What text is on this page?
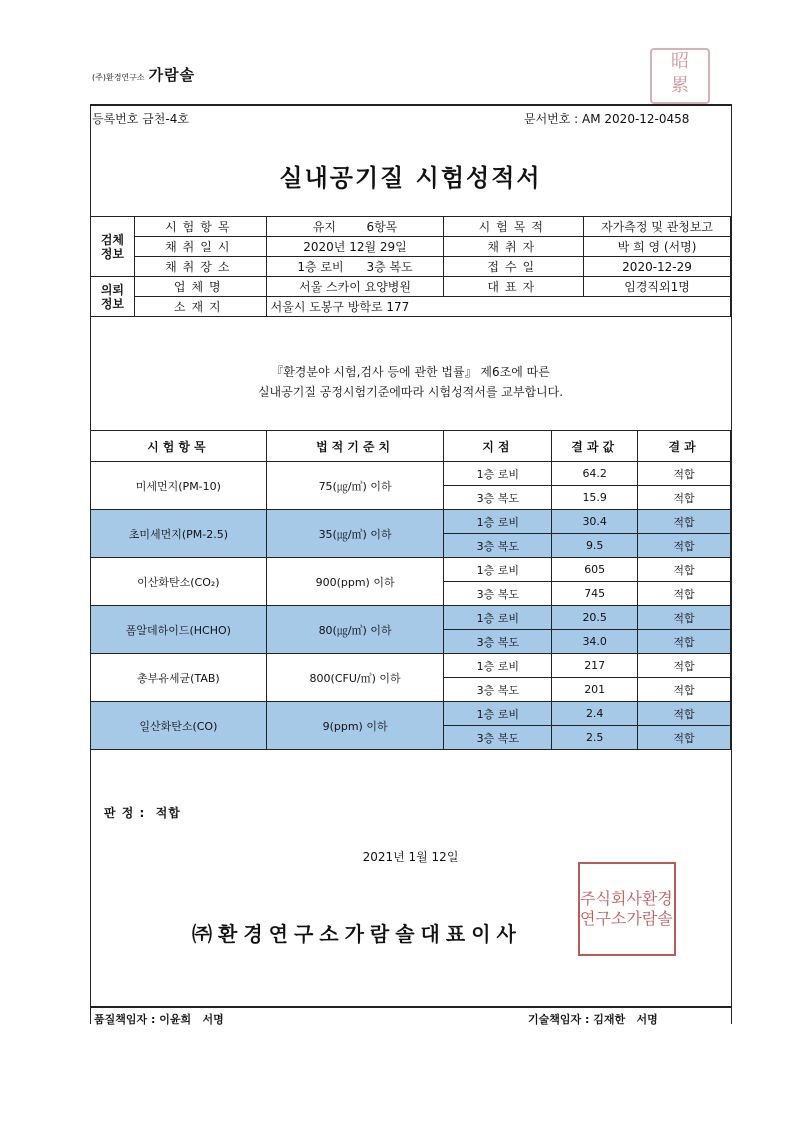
(주)환경연구소 가람솔
昭
累
등록번호 금천-4호	문서번호 : AM 2020-12-0458
실내공기질 시험성적서
검체
정보	시험항목	유지        6항목	시험목적	자가측정 및 관청보고
	채취일시	2020년 12월 29일	채취자	박 희 영 (서명)
	채취장소	1층 로비      3층 복도	접수일	2020-12-29
의뢰
정보	업체명	서울 스카이 요양병원	대표자	임경직외1명
	소재지	서울시 도봉구 방학로 177		
『환경분야 시험,검사 등에 관한 법률』 제6조에 따른
실내공기질 공정시험기준에따라 시험성적서를 교부합니다.
시험항목	법적기준치	지점	결과값	결과
미세먼지(PM-10)	75(㎍/㎥) 이하	1층 로비	64.2	적합
		3층 복도	15.9	적합
초미세먼지(PM-2.5)	35(㎍/㎥) 이하	1층 로비	30.4	적합
		3층 복도	9.5	적합
이산화탄소(CO₂)	900(ppm) 이하	1층 로비	605	적합
		3층 복도	745	적합
폼알데하이드(HCHO)	80(㎍/㎥) 이하	1층 로비	20.5	적합
		3층 복도	34.0	적합
총부유세균(TAB)	800(CFU/㎥) 이하	1층 로비	217	적합
		3층 복도	201	적합
일산화탄소(CO)	9(ppm) 이하	1층 로비	2.4	적합
		3층 복도	2.5	적합
판 정 :  적합
2021년 1월 12일
㈜환경연구소가람솔대표이사
주식회사환경연구소가람솔
품질책임자 : 이윤희   서명	기술책임자 : 김재한   서명
